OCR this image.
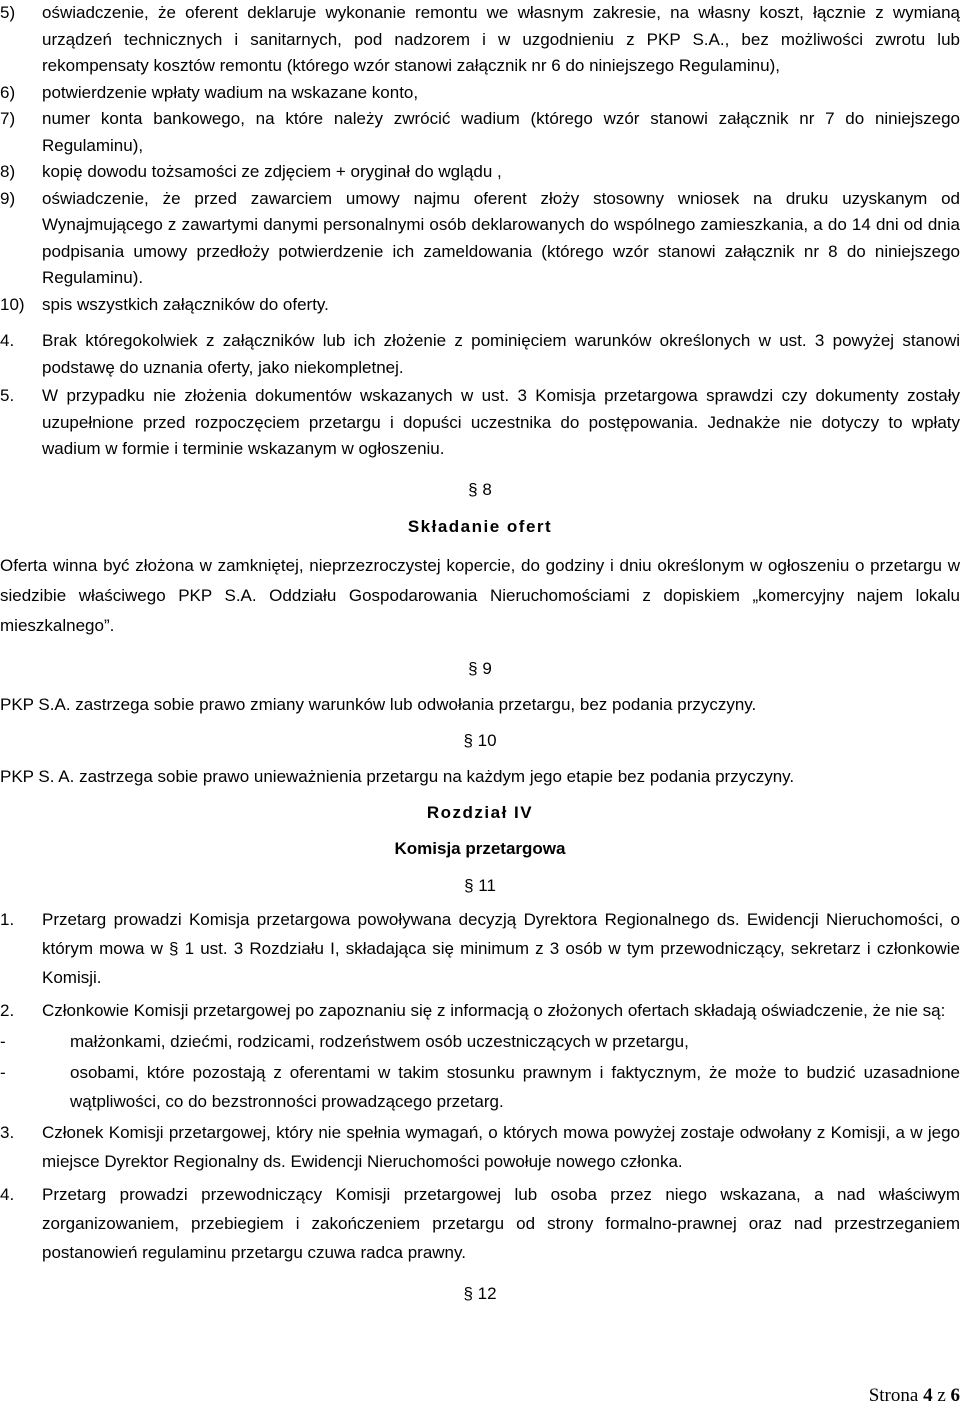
5)	oświadczenie, że oferent deklaruje wykonanie remontu we własnym zakresie, na własny koszt, łącznie z wymianą urządzeń technicznych i sanitarnych, pod nadzorem i w uzgodnieniu z PKP S.A., bez możliwości zwrotu lub rekompensaty kosztów remontu (którego wzór stanowi załącznik nr 6 do niniejszego Regulaminu),
6)	potwierdzenie wpłaty wadium na wskazane konto,
7)	numer konta bankowego, na które należy zwrócić wadium (którego wzór stanowi załącznik nr 7 do niniejszego Regulaminu),
8)	kopię dowodu tożsamości ze zdjęciem + oryginał do wglądu ,
9)	oświadczenie, że przed zawarciem umowy najmu oferent złoży stosowny wniosek na druku uzyskanym od Wynajmującego z zawartymi danymi personalnymi osób deklarowanych do wspólnego zamieszkania, a do 14 dni od dnia podpisania umowy przedłoży potwierdzenie ich zameldowania (którego wzór stanowi załącznik nr 8 do niniejszego Regulaminu).
10)	spis wszystkich załączników do oferty.
4.	Brak któregokolwiek z załączników lub ich złożenie z pominięciem warunków określonych w ust. 3 powyżej stanowi podstawę do uznania oferty, jako niekompletnej.
5.	W przypadku nie złożenia dokumentów wskazanych w ust. 3 Komisja przetargowa sprawdzi czy dokumenty zostały uzupełnione przed rozpoczęciem przetargu i dopuści uczestnika do postępowania. Jednakże nie dotyczy to wpłaty wadium w formie i terminie wskazanym w ogłoszeniu.
§ 8
Składanie ofert
Oferta winna być złożona w zamkniętej, nieprzezroczystej kopercie, do godziny i dniu określonym w ogłoszeniu o przetargu w siedzibie właściwego PKP S.A. Oddziału Gospodarowania Nieruchomościami z dopiskiem „komercyjny najem lokalu mieszkalnego”.
§ 9
PKP S.A. zastrzega sobie prawo zmiany warunków lub odwołania przetargu, bez podania przyczyny.
§ 10
PKP S. A. zastrzega sobie prawo unieważnienia przetargu na każdym jego etapie bez podania przyczyny.
Rozdział IV
Komisja przetargowa
§ 11
1.	Przetarg prowadzi Komisja przetargowa powoływana decyzją Dyrektora Regionalnego ds. Ewidencji Nieruchomości, o którym mowa w § 1 ust. 3 Rozdziału I, składająca się minimum z 3 osób w tym przewodniczący, sekretarz i członkowie Komisji.
2.	Członkowie Komisji przetargowej po zapoznaniu się z informacją o złożonych ofertach składają oświadczenie, że nie są:
-	małżonkami, dziećmi, rodzicami, rodzeństwem osób uczestniczących w przetargu,
-	osobami, które pozostają z oferentami w takim stosunku prawnym i faktycznym, że może to budzić uzasadnione wątpliwości, co do bezstronności prowadzącego przetarg.
3.	Członek Komisji przetargowej, który nie spełnia wymagań, o których mowa powyżej zostaje odwołany z Komisji, a w jego miejsce Dyrektor Regionalny ds. Ewidencji Nieruchomości powołuje nowego członka.
4.	Przetarg prowadzi przewodniczący Komisji przetargowej lub osoba przez niego wskazana, a nad właściwym zorganizowaniem, przebiegiem i zakończeniem przetargu od strony formalno-prawnej oraz nad przestrzeganiem postanowień regulaminu przetargu czuwa radca prawny.
§ 12
Strona 4 z 6
